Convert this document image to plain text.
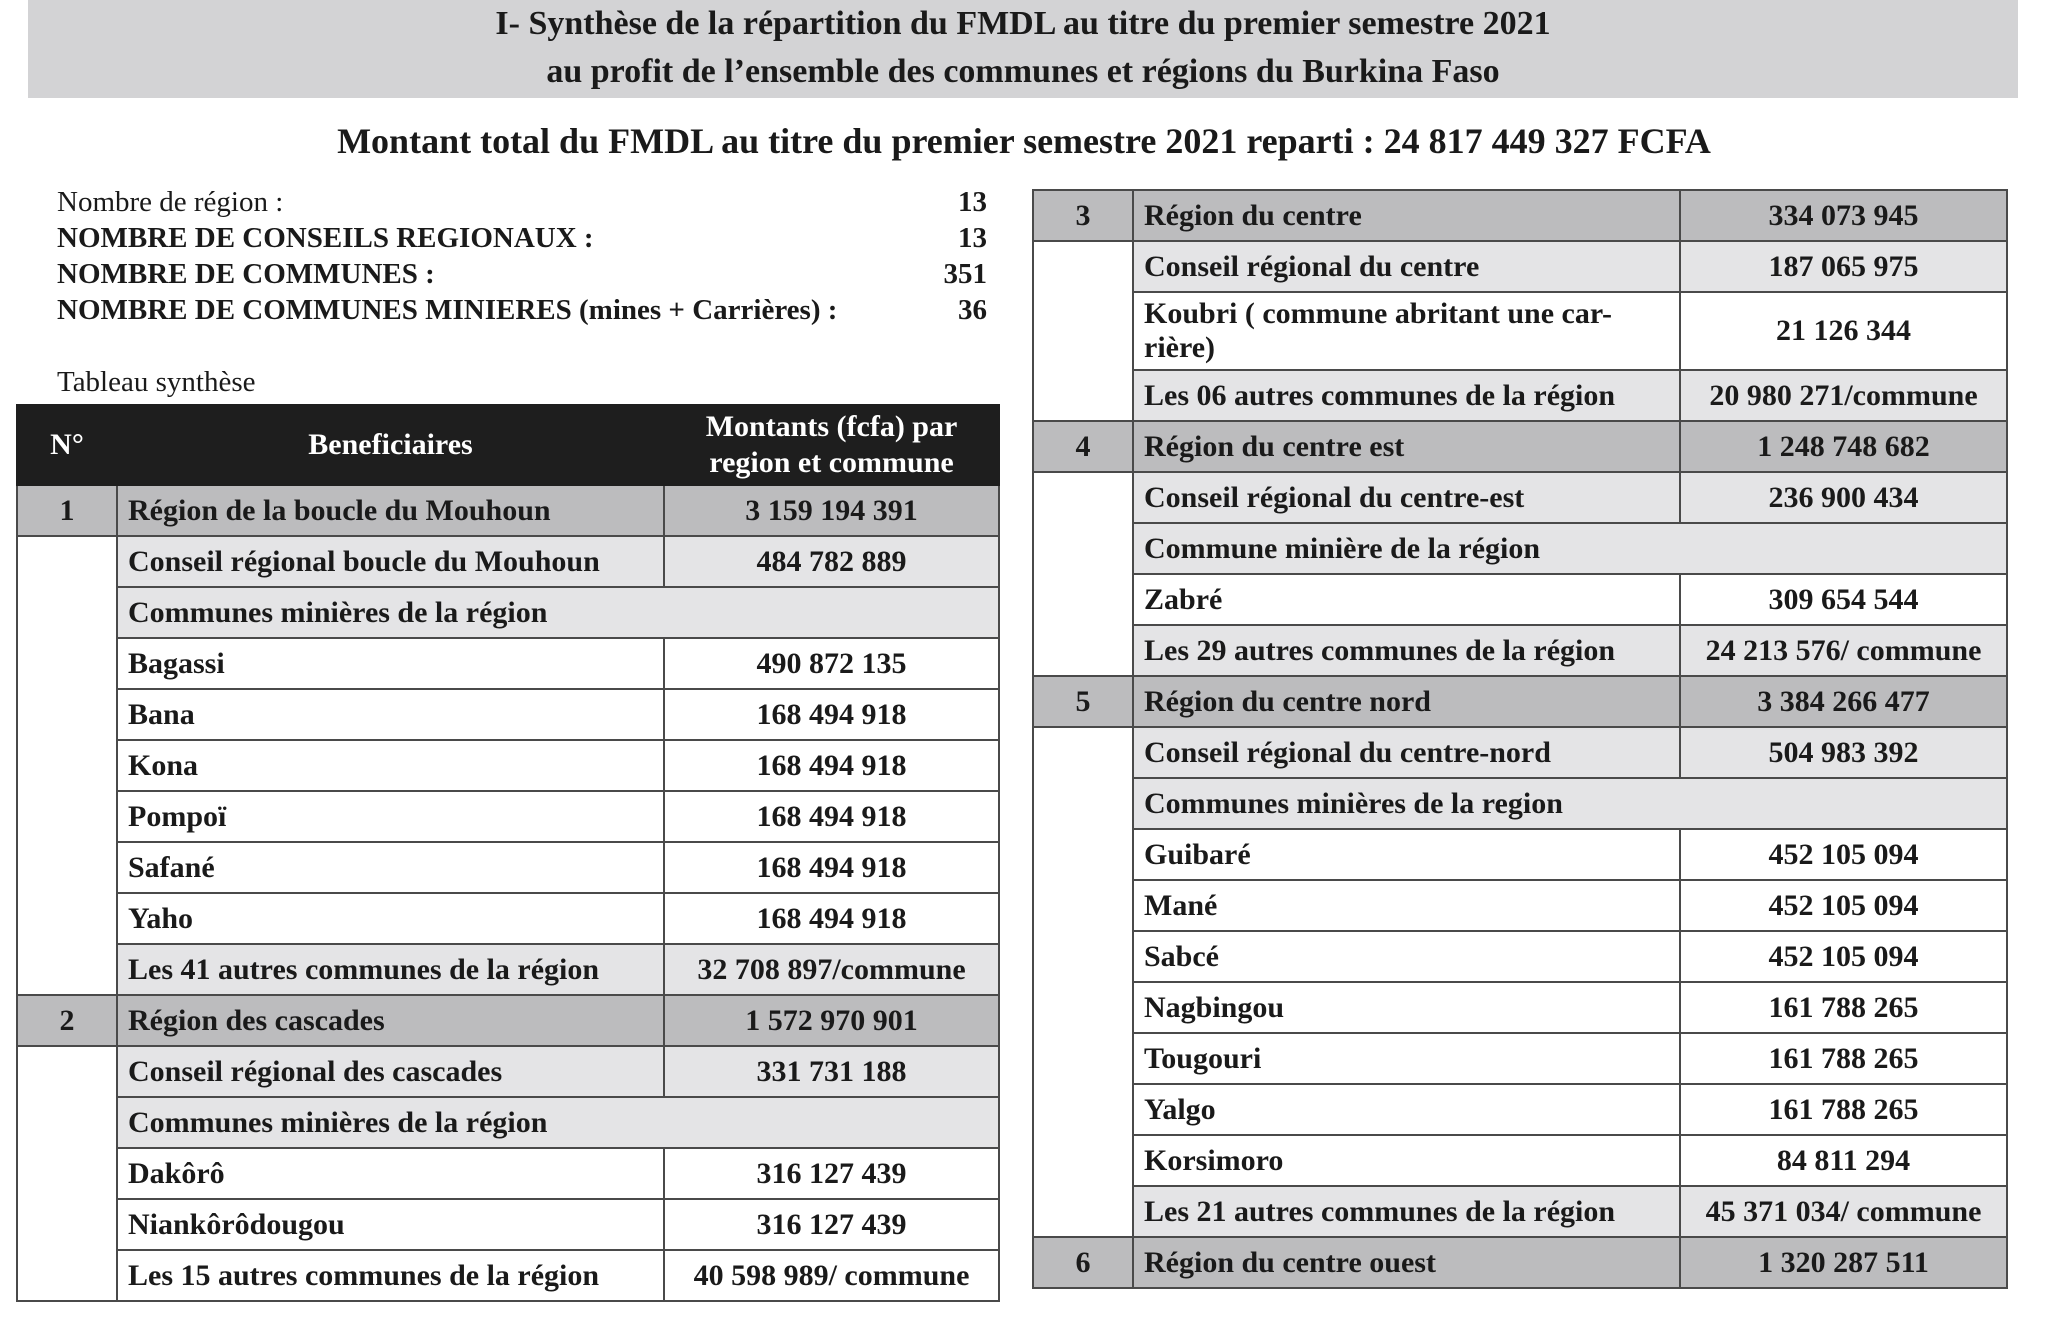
I- Synthèse de la répartition du FMDL au titre du premier semestre 2021
au profit de l’ensemble des communes et régions du Burkina Faso
Montant total du FMDL au titre du premier semestre 2021 reparti : 24 817 449 327 FCFA
Nombre de région :	13
NOMBRE DE CONSEILS REGIONAUX :	13
NOMBRE DE COMMUNES :	351
NOMBRE DE COMMUNES MINIERES (mines + Carrières) :	36
Tableau synthèse
N°	Beneficiaires	Montants (fcfa) par region et commune
1	Région de la boucle du Mouhoun	3 159 194 391
	Conseil régional boucle du Mouhoun	484 782 889
	Communes minières de la région	
	Bagassi	490 872 135
	Bana	168 494 918
	Kona	168 494 918
	Pompoï	168 494 918
	Safané	168 494 918
	Yaho	168 494 918
	Les 41 autres communes de la région	32 708 897/commune
2	Région des cascades	1 572 970 901
	Conseil régional des cascades	331 731 188
	Communes minières de la région	
	Dakôrô	316 127 439
	Niankôrôdougou	316 127 439
	Les 15 autres communes de la région	40 598 989/ commune
3	Région du centre	334 073 945
	Conseil régional du centre	187 065 975
	Koubri ( commune abritant une car-rière)	21 126 344
	Les 06 autres communes de la région	20 980 271/commune
4	Région du centre est	1 248 748 682
	Conseil régional du centre-est	236 900 434
	Commune minière de la région	
	Zabré	309 654 544
	Les 29 autres communes de la région	24 213 576/ commune
5	Région du centre nord	3 384 266 477
	Conseil régional du centre-nord	504 983 392
	Communes minières de la region	
	Guibaré	452 105 094
	Mané	452 105 094
	Sabcé	452 105 094
	Nagbingou	161 788 265
	Tougouri	161 788 265
	Yalgo	161 788 265
	Korsimoro	84 811 294
	Les 21 autres communes de la région	45 371 034/ commune
6	Région du centre ouest	1 320 287 511
